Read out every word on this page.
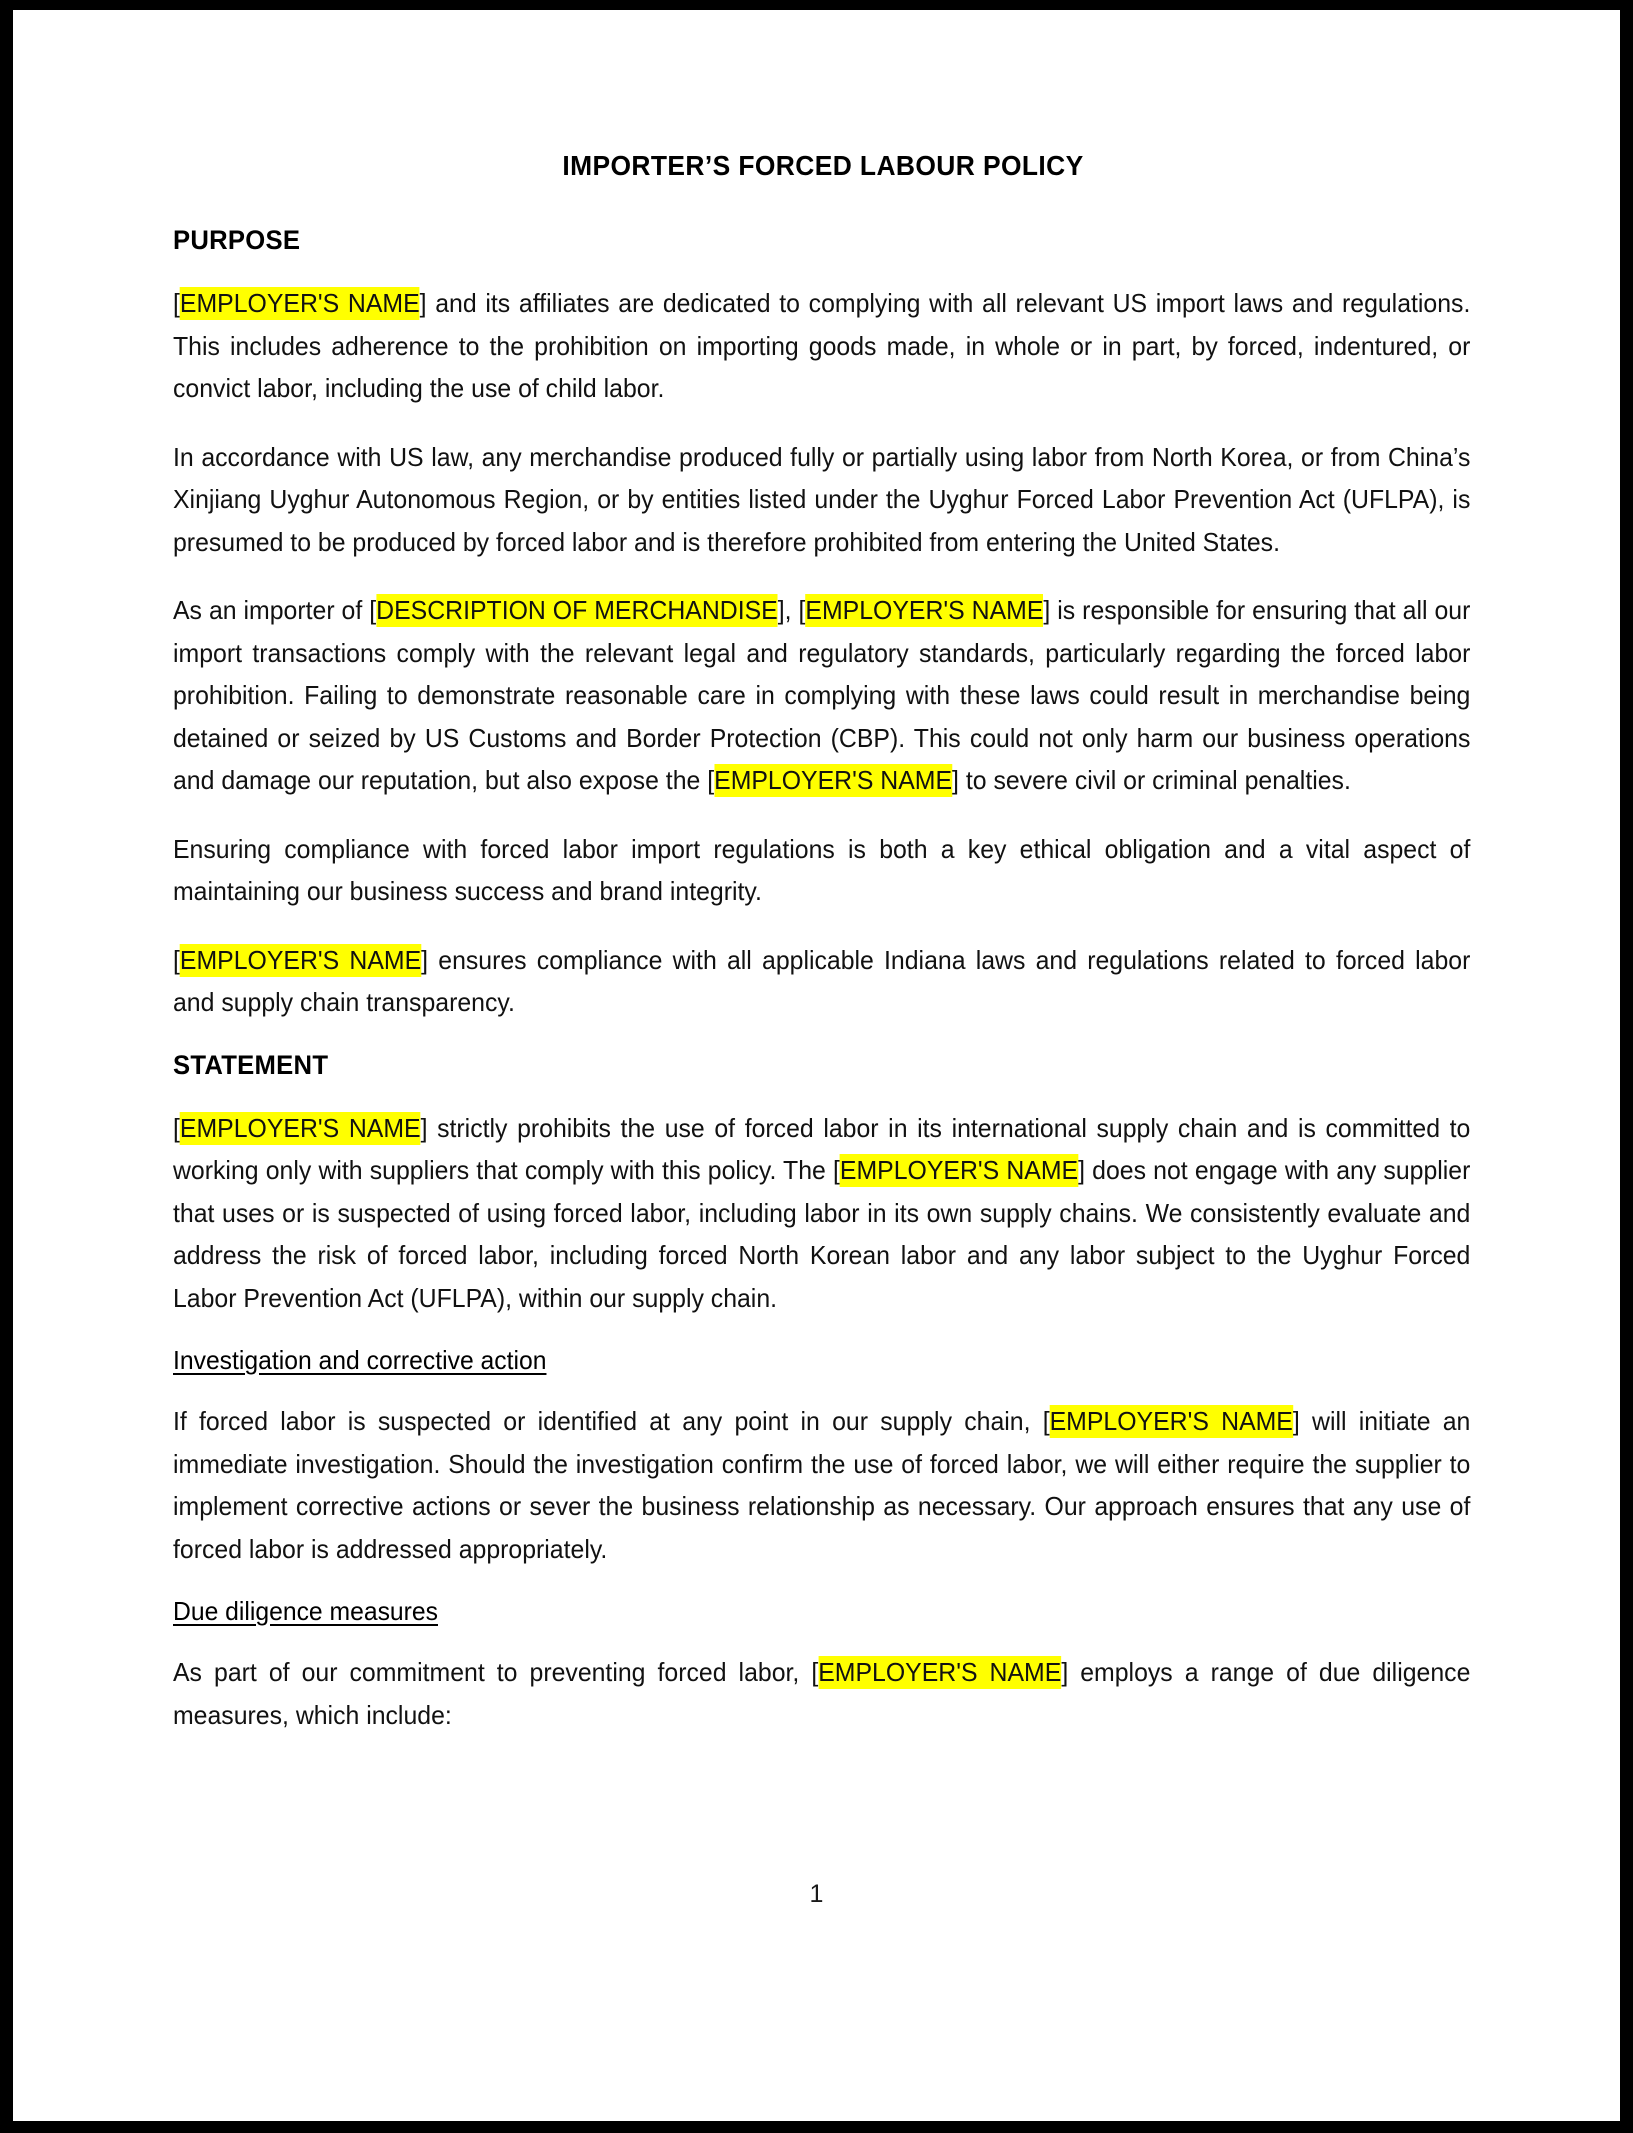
IMPORTER’S FORCED LABOUR POLICY
PURPOSE

[EMPLOYER'S NAME] and its affiliates are dedicated to complying with all relevant US import laws and regulations. This includes adherence to the prohibition on importing goods made, in whole or in part, by forced, indentured, or convict labor, including the use of child labor.

In accordance with US law, any merchandise produced fully or partially using labor from North Korea, or from China’s Xinjiang Uyghur Autonomous Region, or by entities listed under the Uyghur Forced Labor Prevention Act (UFLPA), is presumed to be produced by forced labor and is therefore prohibited from entering the United States.

As an importer of [DESCRIPTION OF MERCHANDISE], [EMPLOYER'S NAME] is responsible for ensuring that all our import transactions comply with the relevant legal and regulatory standards, particularly regarding the forced labor prohibition. Failing to demonstrate reasonable care in complying with these laws could result in merchandise being detained or seized by US Customs and Border Protection (CBP). This could not only harm our business operations and damage our reputation, but also expose the [EMPLOYER'S NAME] to severe civil or criminal penalties.

Ensuring compliance with forced labor import regulations is both a key ethical obligation and a vital aspect of maintaining our business success and brand integrity.

[EMPLOYER'S NAME] ensures compliance with all applicable Indiana laws and regulations related to forced labor and supply chain transparency.

STATEMENT

[EMPLOYER'S NAME] strictly prohibits the use of forced labor in its international supply chain and is committed to working only with suppliers that comply with this policy. The [EMPLOYER'S NAME] does not engage with any supplier that uses or is suspected of using forced labor, including labor in its own supply chains. We consistently evaluate and address the risk of forced labor, including forced North Korean labor and any labor subject to the Uyghur Forced Labor Prevention Act (UFLPA), within our supply chain.

Investigation and corrective action

If forced labor is suspected or identified at any point in our supply chain, [EMPLOYER'S NAME] will initiate an immediate investigation. Should the investigation confirm the use of forced labor, we will either require the supplier to implement corrective actions or sever the business relationship as necessary. Our approach ensures that any use of forced labor is addressed appropriately.

Due diligence measures

As part of our commitment to preventing forced labor, [EMPLOYER'S NAME] employs a range of due diligence measures, which include:

1
